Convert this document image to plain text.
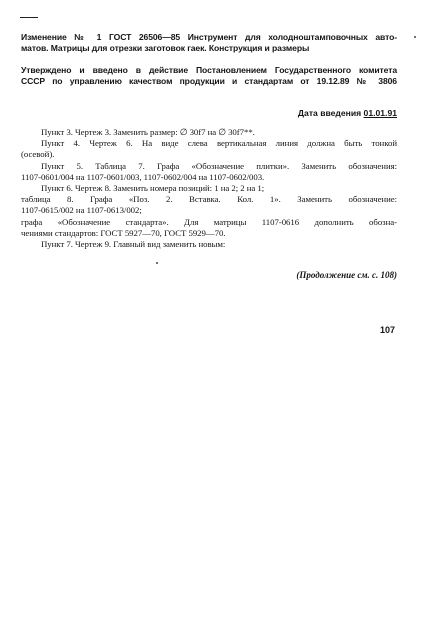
Изменение № 1 ГОСТ 26506—85 Инструмент для холодноштамповочных авто-
матов. Матрицы для отрезки заготовок гаек. Конструкция и размеры
Утверждено и введено в действие Постановлением Государственного комитета
СССР по управлению качеством продукции и стандартам от 19.12.89 № 3806
Дата введения 01.01.91
Пункт 3. Чертеж 3. Заменить размер: ∅ 30f7 на ∅ 30f7**.
Пункт 4. Чертеж 6. На виде слева вертикальная линия должна быть тонкой
(осевой).
Пункт 5. Таблица 7. Графа «Обозначение плитки». Заменить обозначения:
1107-0601/004 на 1107-0601/003, 1107-0602/004 на 1107-0602/003.
Пункт 6. Чертеж 8. Заменить номера позиций: 1 на 2; 2 на 1;
таблица 8. Графа «Поз. 2. Вставка. Кол. 1». Заменить обозначение:
1107-0615/002 на 1107-0613/002;
графа «Обозначение стандарта». Для матрицы 1107-0616 дополнить обозна-
чениями стандартов: ГОСТ 5927—70, ГОСТ 5929—70.
Пункт 7. Чертеж 9. Главный вид заменить новым:
(Продолжение см. с. 108)
107
